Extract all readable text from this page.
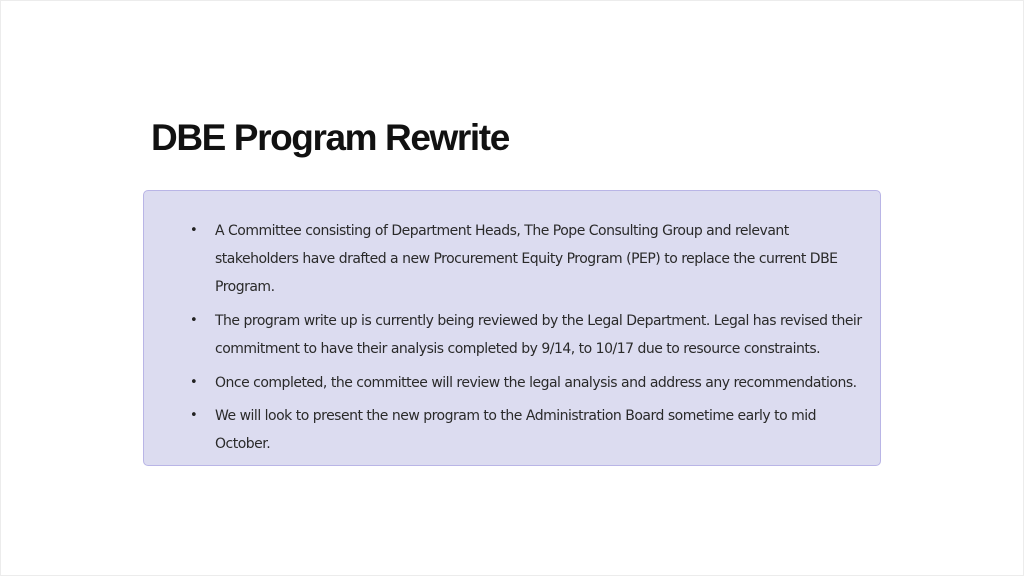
DBE Program Rewrite
• A Committee consisting of Department Heads, The Pope Consulting Group and relevant stakeholders have drafted a new Procurement Equity Program (PEP) to replace the current DBE Program.
• The program write up is currently being reviewed by the Legal Department. Legal has revised their commitment to have their analysis completed by 9/14, to 10/17 due to resource constraints.
• Once completed, the committee will review the legal analysis and address any recommendations.
• We will look to present the new program to the Administration Board sometime early to mid October.
